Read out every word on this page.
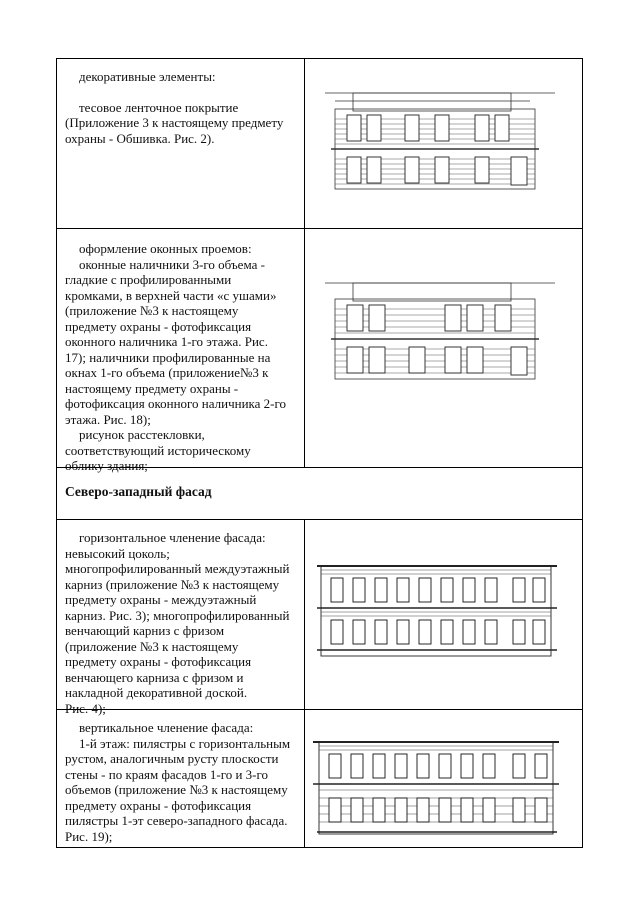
декоративные элементы:

тесовое ленточное покрытие

(Приложение 3 к настоящему предмету

охраны - Обшивка. Рис. 2).

оформление оконных проемов:

оконные наличники 3-го объема -

гладкие с профилированными

кромками, в верхней части «с ушами»

(приложение №3 к настоящему

предмету охраны - фотофиксация

оконного наличника 1-го этажа. Рис.

17); наличники профилированные на

окнах 1-го объема (приложение№3 к

настоящему предмету охраны -

фотофиксация оконного наличника 2-го

этажа. Рис. 18);

рисунок расстекловки,

соответствующий историческому

облику здания;

Северо-западный фасад

горизонтальное членение фасада:

невысокий цоколь;

многопрофилированный междуэтажный

карниз (приложение №3 к настоящему

предмету охраны - междуэтажный

карниз. Рис. 3); многопрофилированный

венчающий карниз с фризом

(приложение №3 к настоящему

предмету охраны - фотофиксация

венчающего карниза с фризом и

накладной декоративной доской.

Рис. 4);

вертикальное членение фасада:

1-й этаж: пилястры с горизонтальным

рустом, аналогичным русту плоскости

стены - по краям фасадов 1-го и 3-го

объемов (приложение №3 к настоящему

предмету охраны - фотофиксация

пилястры 1-эт северо-западного фасада.

Рис. 19);
